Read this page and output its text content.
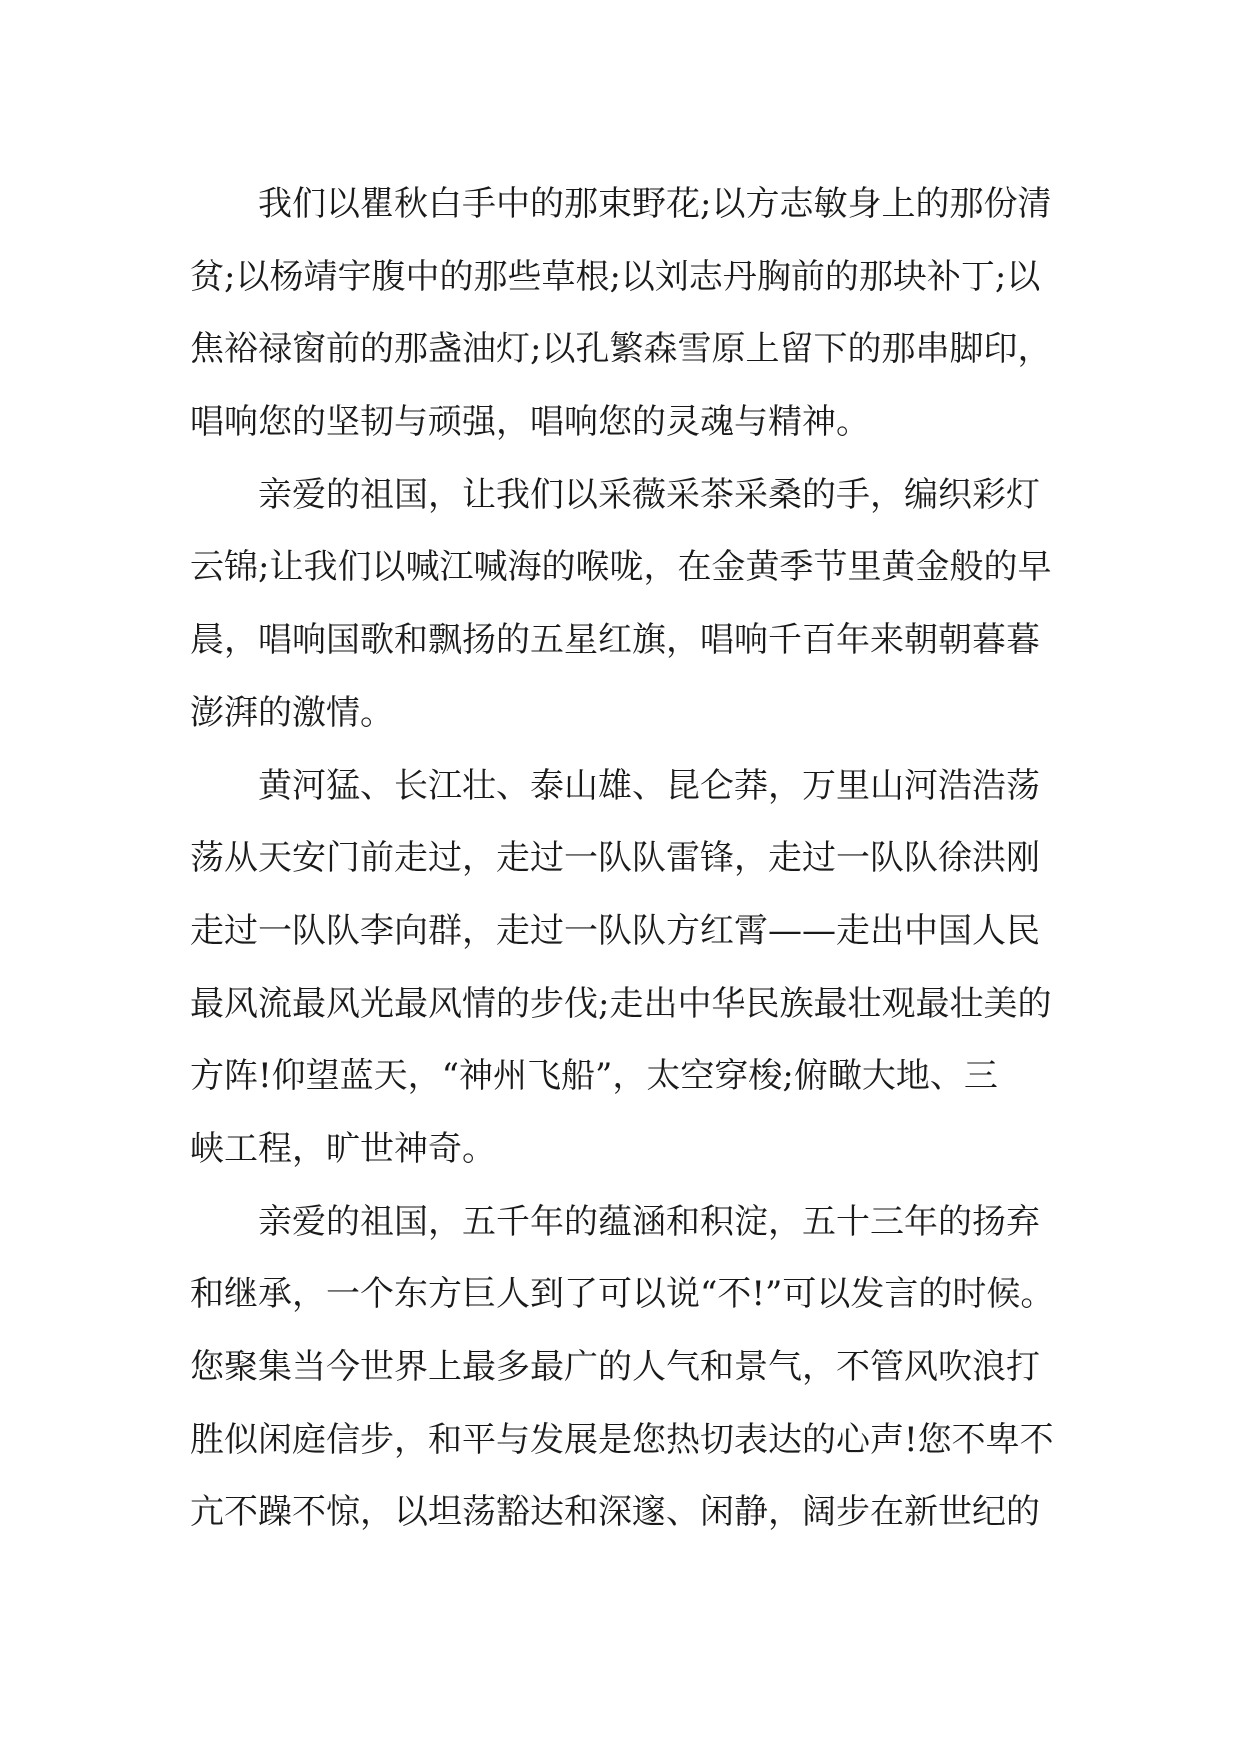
我们以瞿秋白手中的那束野花;以方志敏身上的那份清
贫;以杨靖宇腹中的那些草根;以刘志丹胸前的那块补丁;以
焦裕禄窗前的那盏油灯;以孔繁森雪原上留下的那串脚印，
唱响您的坚韧与顽强，唱响您的灵魂与精神。
亲爱的祖国，让我们以采薇采茶采桑的手，编织彩灯
云锦;让我们以喊江喊海的喉咙，在金黄季节里黄金般的早
晨，唱响国歌和飘扬的五星红旗，唱响千百年来朝朝暮暮
澎湃的激情。
黄河猛、长江壮、泰山雄、昆仑莽，万里山河浩浩荡
荡从天安门前走过，走过一队队雷锋，走过一队队徐洪刚
走过一队队李向群，走过一队队方红霄——走出中国人民
最风流最风光最风情的步伐;走出中华民族最壮观最壮美的
方阵!仰望蓝天，“神州飞船”，太空穿梭;俯瞰大地、三
峡工程，旷世神奇。
亲爱的祖国，五千年的蕴涵和积淀，五十三年的扬弃
和继承，一个东方巨人到了可以说“不!”可以发言的时候。
您聚集当今世界上最多最广的人气和景气，不管风吹浪打
胜似闲庭信步，和平与发展是您热切表达的心声!您不卑不
亢不躁不惊，以坦荡豁达和深邃、闲静，阔步在新世纪的
